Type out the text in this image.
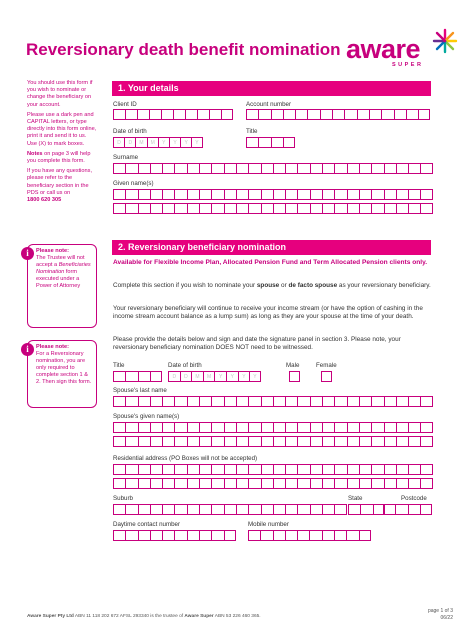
Reversionary death benefit nomination aware
SUPER

You should use this form if you wish to nominate or change the beneficiary on your account.

Please use a dark pen and CAPITAL letters, or type directly into this form online, print it and send it to us. Use (X) to mark boxes.

Notes on page 3 will help you complete this form.

If you have any questions, please refer to the beneficiary section in the PDS or call us on
1800 620 305

i	Please note:
The Trustee will not accept a Beneficiaries Nomination form executed under a Power of Attorney
i	Please note:
For a Reversionary nomination, you are only required to complete section 1 & 2. Then sign this form.
1. Your details
Client ID	Account number
Date of birth
D	D	M	M	Y	Y	Y	Y
Title
Surname
Given name(s)
2. Reversionary beneficiary nomination
Available for Flexible Income Plan, Allocated Pension Fund and Term Allocated Pension clients only.
Complete this section if you wish to nominate your spouse or de facto spouse as your reversionary beneficiary.
Your reversionary beneficiary will continue to receive your income stream (or have the option of cashing in the income stream account balance as a lump sum) as long as they are your spouse at the time of your death.
Please provide the details below and sign and date the signature panel in section 3. Please note, your reversionary beneficiary nomination DOES NOT need to be witnessed.
Title	Date of birth
D	D	M	M	Y	Y	Y	Y
Male	Female
Spouse's last name
Spouse's given name(s)
Residential address (PO Boxes will not be accepted)
Suburb	State	Postcode
Daytime contact number	Mobile number
Aware Super Pty Ltd ABN 11 118 202 672 AFSL 293340 is the trustee of Aware Super ABN 53 226 460 365.
page 1 of 3
06/22
